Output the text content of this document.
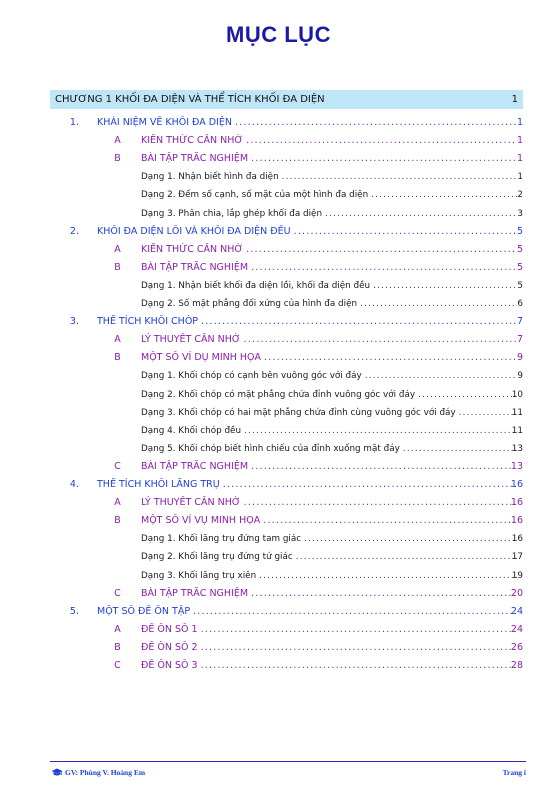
MỤC LỤC
CHƯƠNG 1 KHỐI ĐA DIỆN VÀ THỂ TÍCH KHỐI ĐA DIỆN	1
1. KHÁI NIỆM VỀ KHỐI ĐA DIỆN .....	1
A	KIẾN THỨC CẦN NHỚ .....	1
B	BÀI TẬP TRẮC NGHIỆM .....	1
Dạng 1. Nhận biết hình đa diện .....	1
Dạng 2. Đếm số cạnh, số mặt của một hình đa diện .....	2
Dạng 3. Phân chia, lắp ghép khối đa diện .....	3
2. KHỐI ĐA DIỆN LỒI VÀ KHỐI ĐA DIỆN ĐỀU .....	5
A	KIẾN THỨC CẦN NHỚ .....	5
B	BÀI TẬP TRẮC NGHIỆM .....	5
Dạng 1. Nhận biết khối đa diện lồi, khối đa diện đều .....	5
Dạng 2. Số mặt phẳng đối xứng của hình đa diện .....	6
3. THỂ TÍCH KHỐI CHÓP .....	7
A	LÝ THUYẾT CẦN NHỚ .....	7
B	MỘT SỐ VÍ DỤ MINH HỌA .....	9
Dạng 1. Khối chóp có cạnh bên vuông góc với đáy .....	9
Dạng 2. Khối chóp có mặt phẳng chứa đỉnh vuông góc với đáy .....	10
Dạng 3. Khối chóp có hai mặt phẳng chứa đỉnh cùng vuông góc với đáy .....	11
Dạng 4. Khối chóp đều .....	11
Dạng 5. Khối chóp biết hình chiếu của đỉnh xuống mặt đáy .....	13
C	BÀI TẬP TRẮC NGHIỆM .....	13
4. THỂ TÍCH KHỐI LĂNG TRỤ .....	16
A	LÝ THUYẾT CẦN NHỚ .....	16
B	MỘT SỐ VÍ VỤ MINH HỌA .....	16
Dạng 1. Khối lăng trụ đứng tam giác .....	16
Dạng 2. Khối lăng trụ đứng tứ giác .....	17
Dạng 3. Khối lăng trụ xiên .....	19
C	BÀI TẬP TRẮC NGHIỆM .....	20
5. MỘT SỐ ĐỀ ÔN TẬP .....	24
A	ĐỀ ÔN SỐ 1 .....	24
B	ĐỀ ÔN SỐ 2 .....	26
C	ĐỀ ÔN SỐ 3 .....	28
GV: Phùng V. Hoàng Em	Trang i
